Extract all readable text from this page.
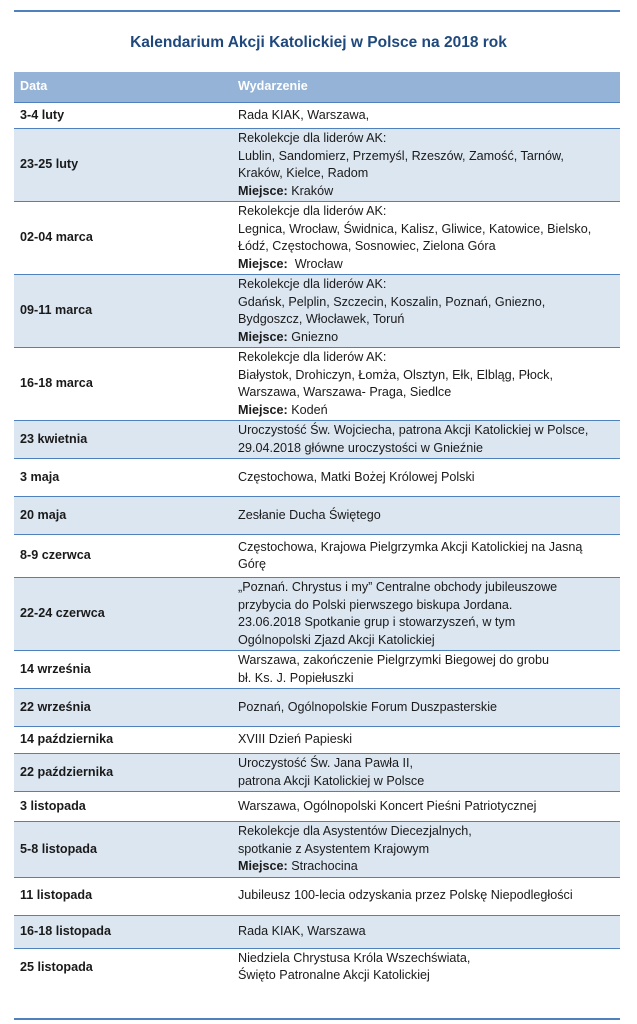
Kalendarium Akcji Katolickiej w Polsce na 2018 rok
Data	Wydarzenie
3-4 luty	Rada KIAK, Warszawa,

23-25 luty	Rekolekcje dla liderów AK:
Lublin, Sandomierz, Przemyśl, Rzeszów, Zamość, Tarnów,
Kraków, Kielce, Radom
Miejsce: Kraków

02-04 marca	Rekolekcje dla liderów AK:
Legnica, Wrocław, Świdnica, Kalisz, Gliwice, Katowice, Bielsko,
Łódź, Częstochowa, Sosnowiec, Zielona Góra
Miejsce:  Wrocław

09-11 marca	Rekolekcje dla liderów AK:
Gdańsk, Pelplin, Szczecin, Koszalin, Poznań, Gniezno,
Bydgoszcz, Włocławek, Toruń
Miejsce: Gniezno

16-18 marca	Rekolekcje dla liderów AK:
Białystok, Drohiczyn, Łomża, Olsztyn, Ełk, Elbląg, Płock,
Warszawa, Warszawa- Praga, Siedlce
Miejsce: Kodeń

23 kwietnia	Uroczystość Św. Wojciecha, patrona Akcji Katolickiej w Polsce,
29.04.2018 główne uroczystości w Gnieźnie

3 maja	Częstochowa, Matki Bożej Królowej Polski

20 maja	Zesłanie Ducha Świętego

8-9 czerwca	Częstochowa, Krajowa Pielgrzymka Akcji Katolickiej na Jasną
Górę

22-24 czerwca	„Poznań. Chrystus i my” Centralne obchody jubileuszowe
przybycia do Polski pierwszego biskupa Jordana.
23.06.2018 Spotkanie grup i stowarzyszeń, w tym
Ogólnopolski Zjazd Akcji Katolickiej

14 września	Warszawa, zakończenie Pielgrzymki Biegowej do grobu
bł. Ks. J. Popiełuszki

22 września	Poznań, Ogólnopolskie Forum Duszpasterskie

14 października	XVIII Dzień Papieski

22 października	Uroczystość Św. Jana Pawła II,
patrona Akcji Katolickiej w Polsce

3 listopada	Warszawa, Ogólnopolski Koncert Pieśni Patriotycznej

5-8 listopada	Rekolekcje dla Asystentów Diecezjalnych,
spotkanie z Asystentem Krajowym
Miejsce: Strachocina

11 listopada	Jubileusz 100-lecia odzyskania przez Polskę Niepodległości

16-18 listopada	Rada KIAK, Warszawa

25 listopada	Niedziela Chrystusa Króla Wszechświata,
Święto Patronalne Akcji Katolickiej
